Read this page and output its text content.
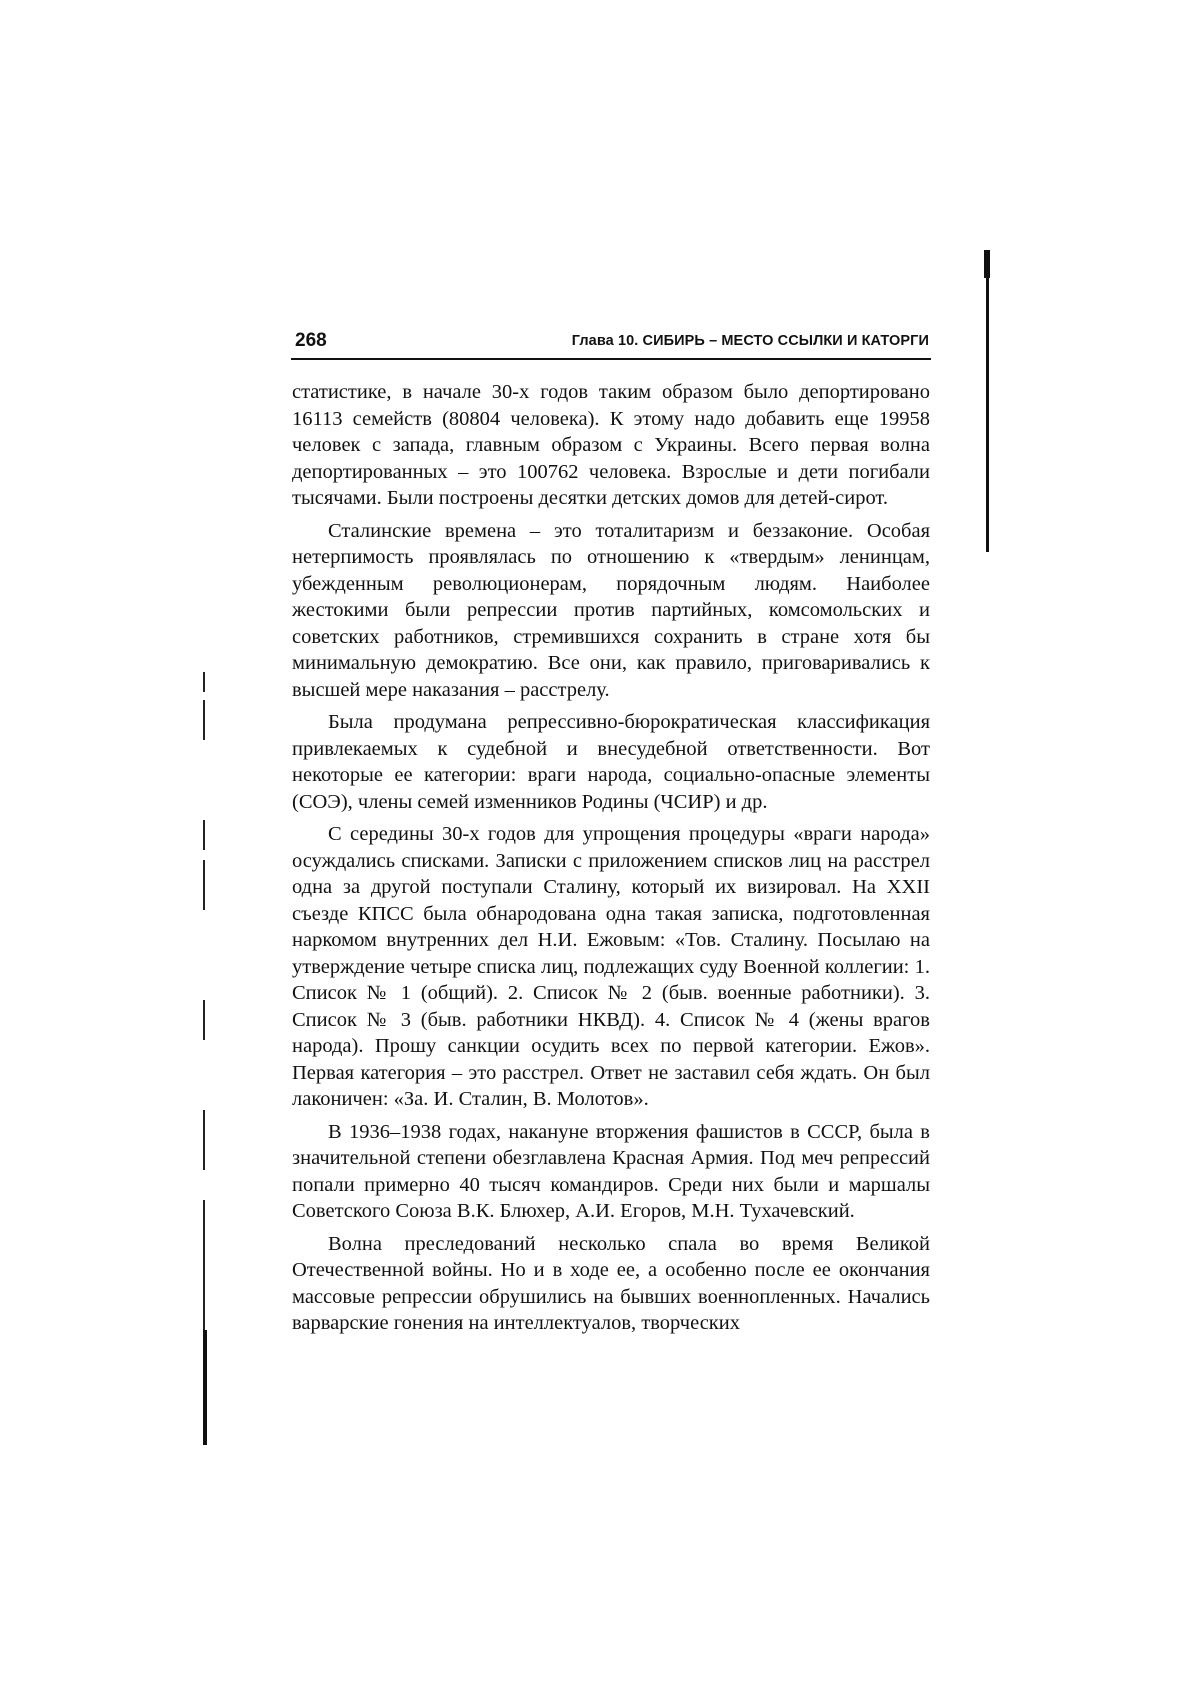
268	Глава 10. СИБИРЬ – МЕСТО ССЫЛКИ И КАТОРГИ

статистике, в начале 30-х годов таким образом было депортировано 16113 семейств (80804 человека). К этому надо добавить еще 19958 человек с запада, главным образом с Украины. Всего первая волна депортированных – это 100762 человека. Взрослые и дети погибали тысячами. Были построены десятки детских домов для детей-сирот.

Сталинские времена – это тоталитаризм и беззаконие. Особая нетерпимость проявлялась по отношению к «твердым» ленинцам, убежденным революционерам, порядочным людям. Наиболее жестокими были репрессии против партийных, комсомольских и советских работников, стремившихся сохранить в стране хотя бы минимальную демократию. Все они, как правило, приговаривались к высшей мере наказания – расстрелу.

Была продумана репрессивно-бюрократическая классификация привлекаемых к судебной и внесудебной ответственности. Вот некоторые ее категории: враги народа, социально-опасные элементы (СОЭ), члены семей изменников Родины (ЧСИР) и др.

С середины 30-х годов для упрощения процедуры «враги народа» осуждались списками. Записки с приложением списков лиц на расстрел одна за другой поступали Сталину, который их визировал. На XXII съезде КПСС была обнародована одна такая записка, подготовленная наркомом внутренних дел Н.И. Ежовым: «Тов. Сталину. Посылаю на утверждение четыре списка лиц, подлежащих суду Военной коллегии: 1. Список № 1 (общий). 2. Список № 2 (быв. военные работники). 3. Список № 3 (быв. работники НКВД). 4. Список № 4 (жены врагов народа). Прошу санкции осудить всех по первой категории. Ежов». Первая категория – это расстрел. Ответ не заставил себя ждать. Он был лаконичен: «За. И. Сталин, В. Молотов».

В 1936–1938 годах, накануне вторжения фашистов в СССР, была в значительной степени обезглавлена Красная Армия. Под меч репрессий попали примерно 40 тысяч командиров. Среди них были и маршалы Советского Союза В.К. Блюхер, А.И. Егоров, М.Н. Тухачевский.

Волна преследований несколько спала во время Великой Отечественной войны. Но и в ходе ее, а особенно после ее окончания массовые репрессии обрушились на бывших военнопленных. Начались варварские гонения на интеллектуалов, творческих
